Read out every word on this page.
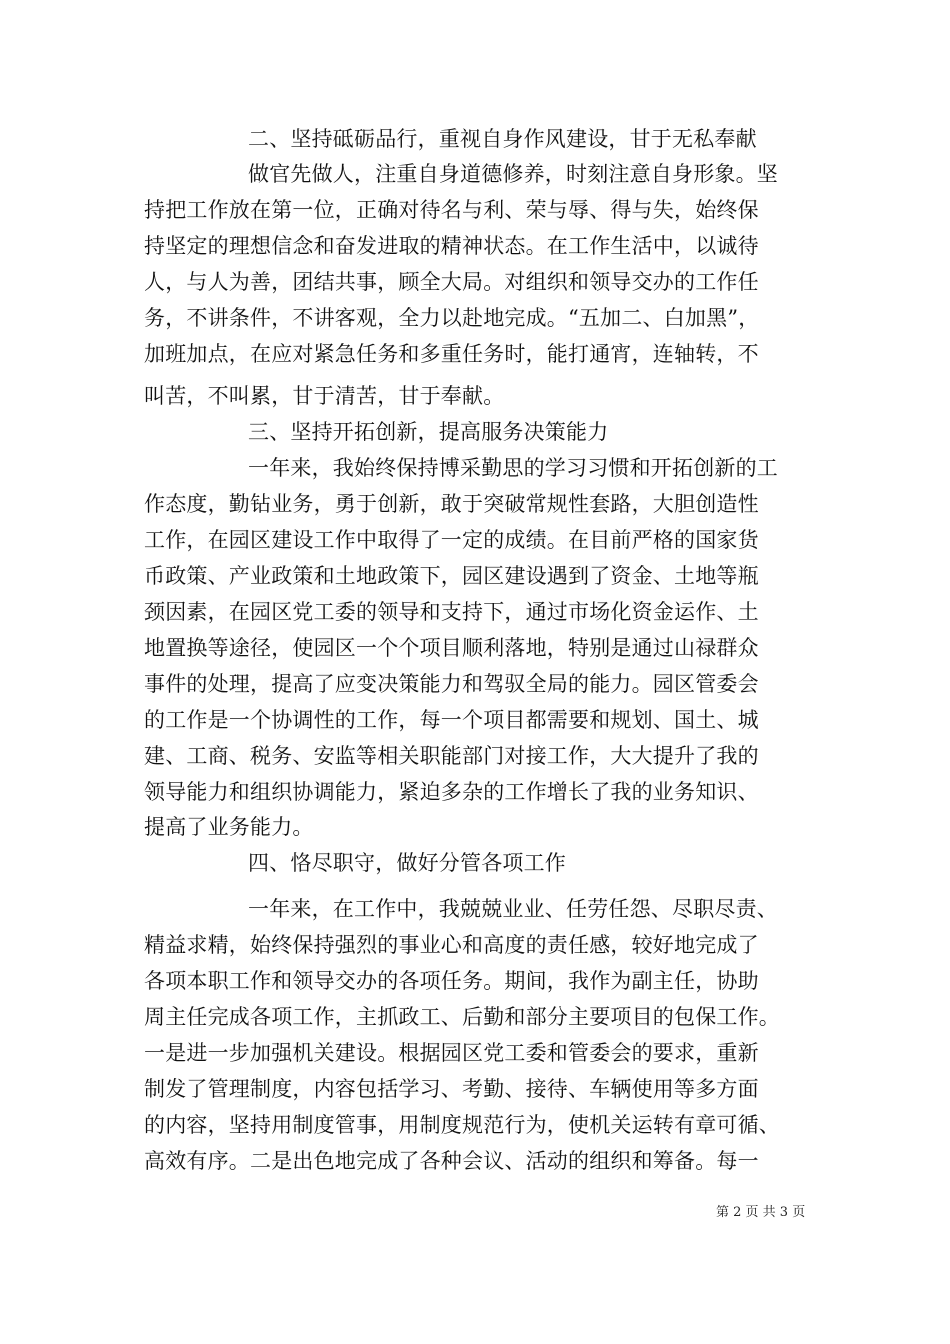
二、坚持砥砺品行，重视自身作风建设，甘于无私奉献
做官先做人，注重自身道德修养，时刻注意自身形象。坚
持把工作放在第一位，正确对待名与利、荣与辱、得与失，始终保
持坚定的理想信念和奋发进取的精神状态。在工作生活中，以诚待
人，与人为善，团结共事，顾全大局。对组织和领导交办的工作任
务，不讲条件，不讲客观，全力以赴地完成。“五加二、白加黑”，
加班加点，在应对紧急任务和多重任务时，能打通宵，连轴转，不
叫苦，不叫累，甘于清苦，甘于奉献。
三、坚持开拓创新，提高服务决策能力
一年来，我始终保持博采勤思的学习习惯和开拓创新的工
作态度，勤钻业务，勇于创新，敢于突破常规性套路，大胆创造性
工作，在园区建设工作中取得了一定的成绩。在目前严格的国家货
币政策、产业政策和土地政策下，园区建设遇到了资金、土地等瓶
颈因素，在园区党工委的领导和支持下，通过市场化资金运作、土
地置换等途径，使园区一个个项目顺利落地，特别是通过山禄群众
事件的处理，提高了应变决策能力和驾驭全局的能力。园区管委会
的工作是一个协调性的工作，每一个项目都需要和规划、国土、城
建、工商、税务、安监等相关职能部门对接工作，大大提升了我的
领导能力和组织协调能力，紧迫多杂的工作增长了我的业务知识、
提高了业务能力。
四、恪尽职守，做好分管各项工作
一年来，在工作中，我兢兢业业、任劳任怨、尽职尽责、
精益求精，始终保持强烈的事业心和高度的责任感，较好地完成了
各项本职工作和领导交办的各项任务。期间，我作为副主任，协助
周主任完成各项工作，主抓政工、后勤和部分主要项目的包保工作。
一是进一步加强机关建设。根据园区党工委和管委会的要求，重新
制发了管理制度，内容包括学习、考勤、接待、车辆使用等多方面
的内容，坚持用制度管事，用制度规范行为，使机关运转有章可循、
高效有序。二是出色地完成了各种会议、活动的组织和筹备。每一
第 2 页 共 3 页
